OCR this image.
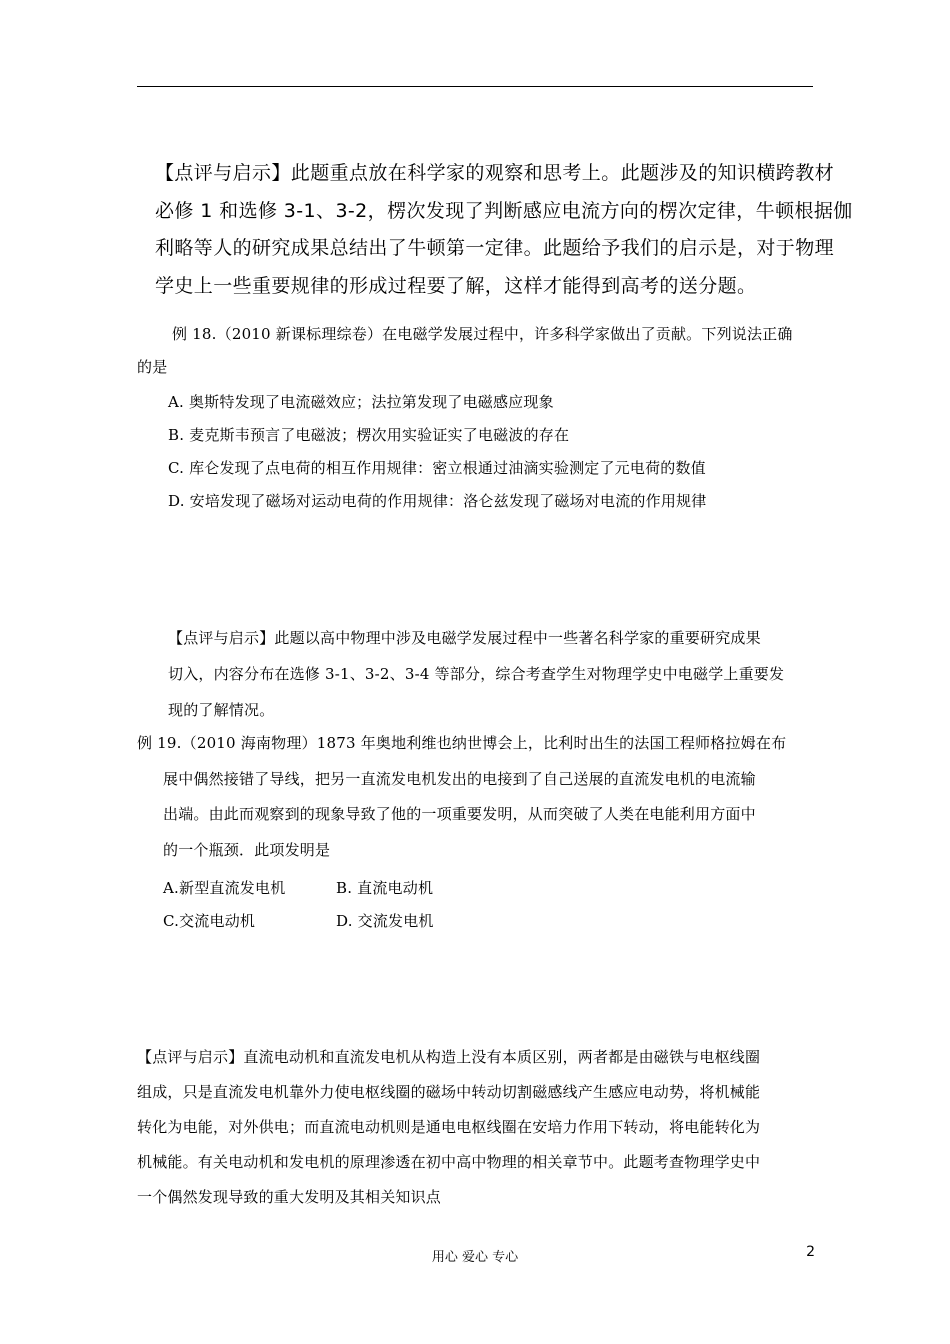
【点评与启示】此题重点放在科学家的观察和思考上。此题涉及的知识横跨教材
必修 1 和选修 3-1、3-2，楞次发现了判断感应电流方向的楞次定律，牛顿根据伽
利略等人的研究成果总结出了牛顿第一定律。此题给予我们的启示是，对于物理
学史上一些重要规律的形成过程要了解，这样才能得到高考的送分题。
例 18.（2010 新课标理综卷）在电磁学发展过程中，许多科学家做出了贡献。下列说法正确
的是
A. 奥斯特发现了电流磁效应；法拉第发现了电磁感应现象
B. 麦克斯韦预言了电磁波；楞次用实验证实了电磁波的存在
C. 库仑发现了点电荷的相互作用规律：密立根通过油滴实验测定了元电荷的数值
D. 安培发现了磁场对运动电荷的作用规律：洛仑兹发现了磁场对电流的作用规律
【点评与启示】此题以高中物理中涉及电磁学发展过程中一些著名科学家的重要研究成果
切入，内容分布在选修 3-1、3-2、3-4 等部分，综合考查学生对物理学史中电磁学上重要发
现的了解情况。
例 19.（2010 海南物理）1873 年奥地利维也纳世博会上，比利时出生的法国工程师格拉姆在布
展中偶然接错了导线，把另一直流发电机发出的电接到了自己送展的直流发电机的电流输
出端。由此而观察到的现象导致了他的一项重要发明，从而突破了人类在电能利用方面中
的一个瓶颈．此项发明是
A.新型直流发电机	B. 直流电动机
C.交流电动机	D. 交流发电机
【点评与启示】直流电动机和直流发电机从构造上没有本质区别，两者都是由磁铁与电枢线圈
组成，只是直流发电机靠外力使电枢线圈的磁场中转动切割磁感线产生感应电动势，将机械能
转化为电能，对外供电；而直流电动机则是通电电枢线圈在安培力作用下转动，将电能转化为
机械能。有关电动机和发电机的原理渗透在初中高中物理的相关章节中。此题考查物理学史中
一个偶然发现导致的重大发明及其相关知识点
用心 爱心 专心	2
